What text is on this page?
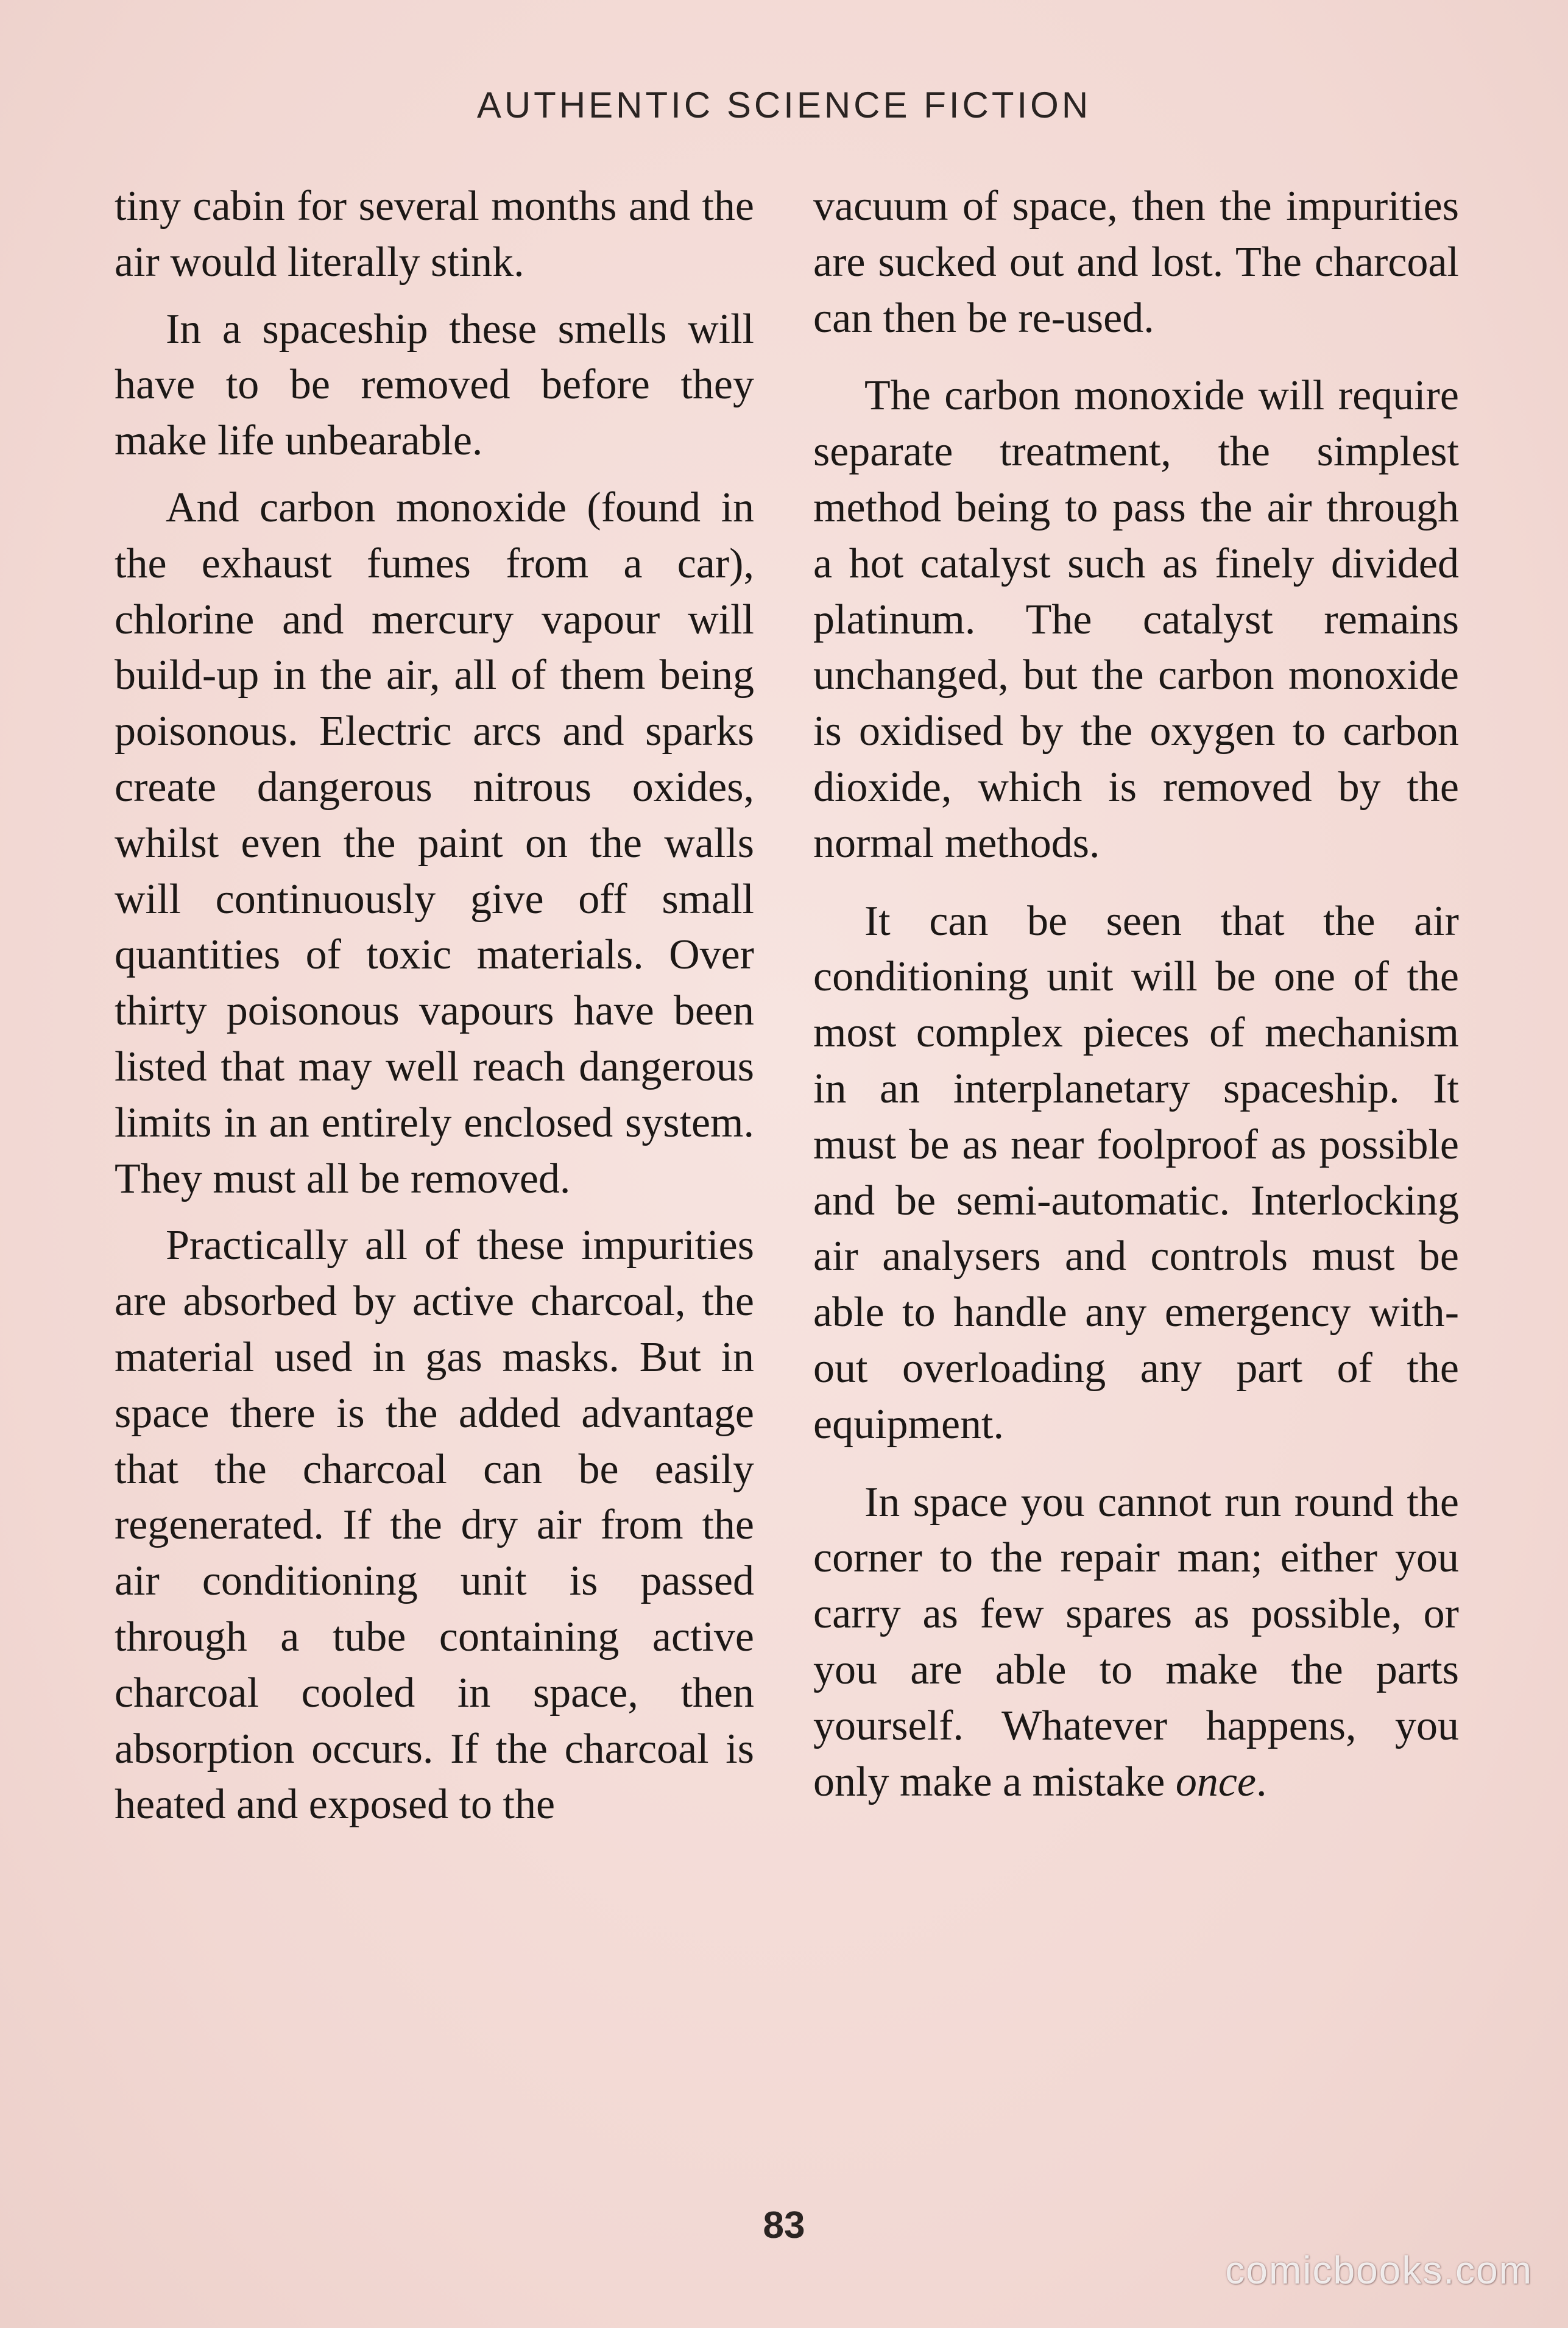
AUTHENTIC SCIENCE FICTION

tiny cabin for several months and the air would literally stink.

In a spaceship these smells will have to be removed before they make life unbearable.

And carbon monoxide (found in the exhaust fumes from a car), chlorine and mercury vapour will build-up in the air, all of them being poisonous. Electric arcs and sparks create dangerous nitrous oxides, whilst even the paint on the walls will continuously give off small quantities of toxic materials. Over thirty poisonous vapours have been listed that may well reach dangerous limits in an entirely enclosed system. They must all be removed.

Practically all of these impurities are absorbed by active charcoal, the material used in gas masks. But in space there is the added advantage that the charcoal can be easily regenerated. If the dry air from the air conditioning unit is passed through a tube containing active charcoal cooled in space, then absorption occurs. If the charcoal is heated and exposed to the

vacuum of space, then the impurities are sucked out and lost. The charcoal can then be re-used.

The carbon monoxide will require separate treatment, the simplest method being to pass the air through a hot catalyst such as finely divided platinum. The catalyst remains unchanged, but the carbon monoxide is oxidised by the oxygen to carbon dioxide, which is removed by the normal methods.

It can be seen that the air conditioning unit will be one of the most complex pieces of mechanism in an interplanetary spaceship. It must be as near foolproof as possible and be semi-automatic. Interlocking air analysers and controls must be able to handle any emergency without overloading any part of the equipment.

In space you cannot run round the corner to the repair man; either you carry as few spares as possible, or you are able to make the parts yourself. Whatever happens, you only make a mistake once.

83
comicbooks.com
